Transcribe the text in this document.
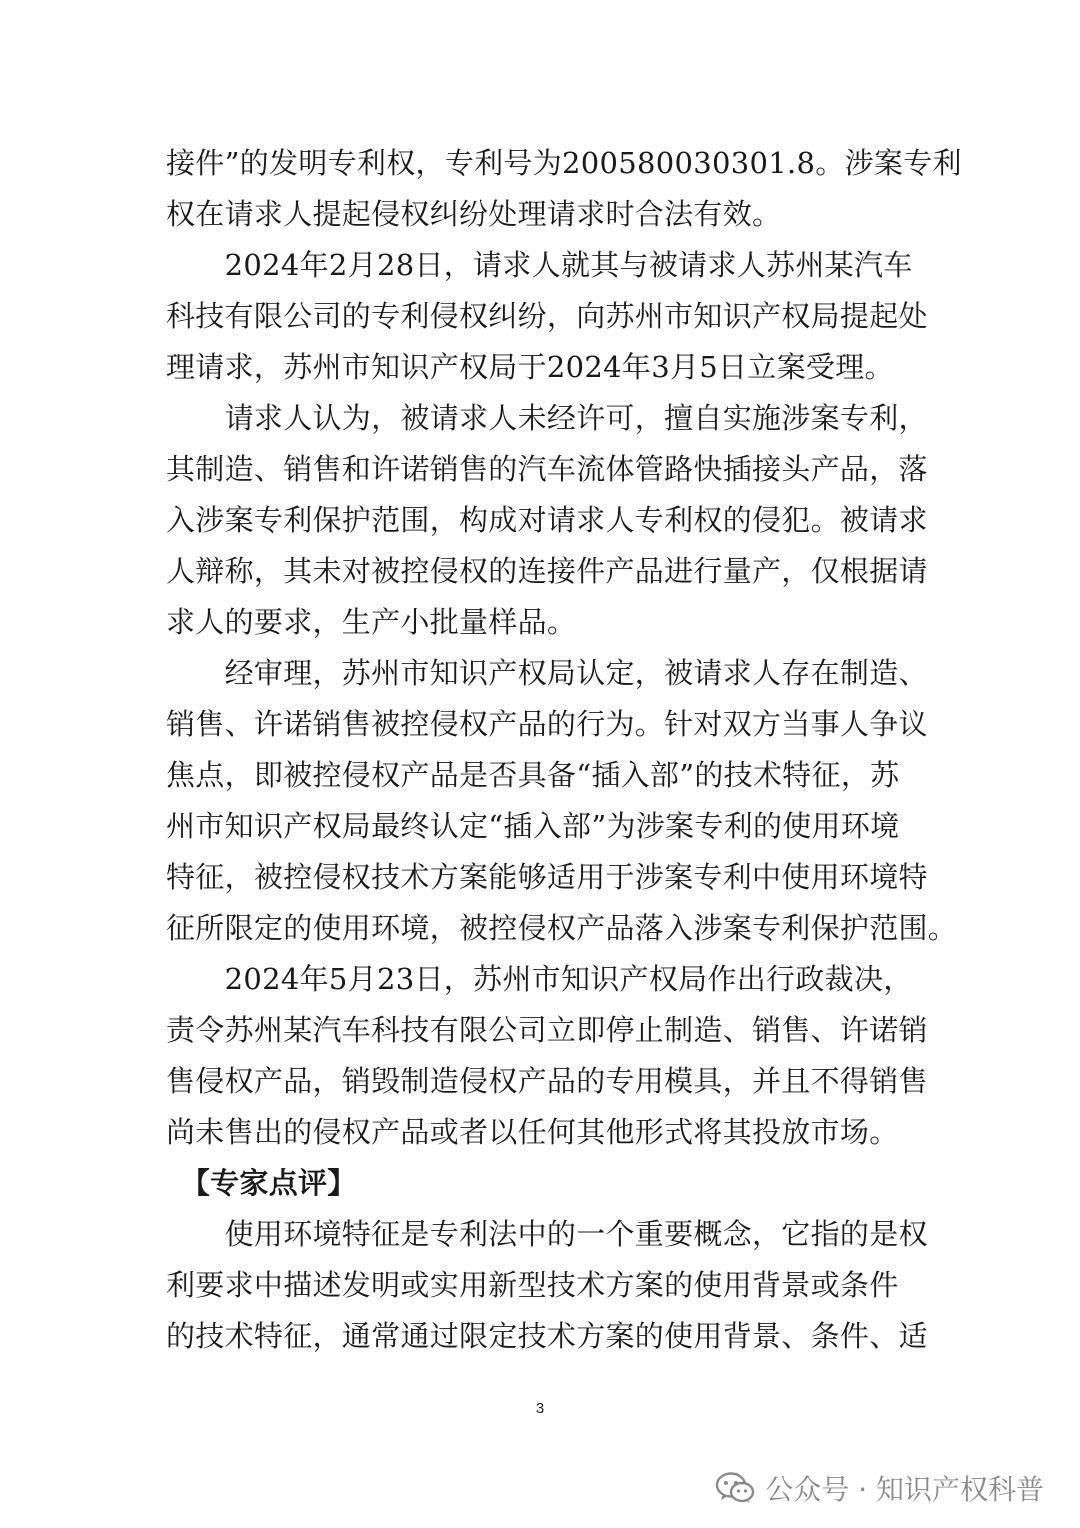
接件”的发明专利权，专利号为200580030301.8。涉案专利
权在请求人提起侵权纠纷处理请求时合法有效。
　　2024年2月28日，请求人就其与被请求人苏州某汽车
科技有限公司的专利侵权纠纷，向苏州市知识产权局提起处
理请求，苏州市知识产权局于2024年3月5日立案受理。
　　请求人认为，被请求人未经许可，擅自实施涉案专利，
其制造、销售和许诺销售的汽车流体管路快插接头产品，落
入涉案专利保护范围，构成对请求人专利权的侵犯。被请求
人辩称，其未对被控侵权的连接件产品进行量产，仅根据请
求人的要求，生产小批量样品。
　　经审理，苏州市知识产权局认定，被请求人存在制造、
销售、许诺销售被控侵权产品的行为。针对双方当事人争议
焦点，即被控侵权产品是否具备“插入部”的技术特征，苏
州市知识产权局最终认定“插入部”为涉案专利的使用环境
特征，被控侵权技术方案能够适用于涉案专利中使用环境特
征所限定的使用环境，被控侵权产品落入涉案专利保护范围。
　　2024年5月23日，苏州市知识产权局作出行政裁决，
责令苏州某汽车科技有限公司立即停止制造、销售、许诺销
售侵权产品，销毁制造侵权产品的专用模具，并且不得销售
尚未售出的侵权产品或者以任何其他形式将其投放市场。
　【专家点评】
　　使用环境特征是专利法中的一个重要概念，它指的是权
利要求中描述发明或实用新型技术方案的使用背景或条件
的技术特征，通常通过限定技术方案的使用背景、条件、适
3
公众号 · 知识产权科普
